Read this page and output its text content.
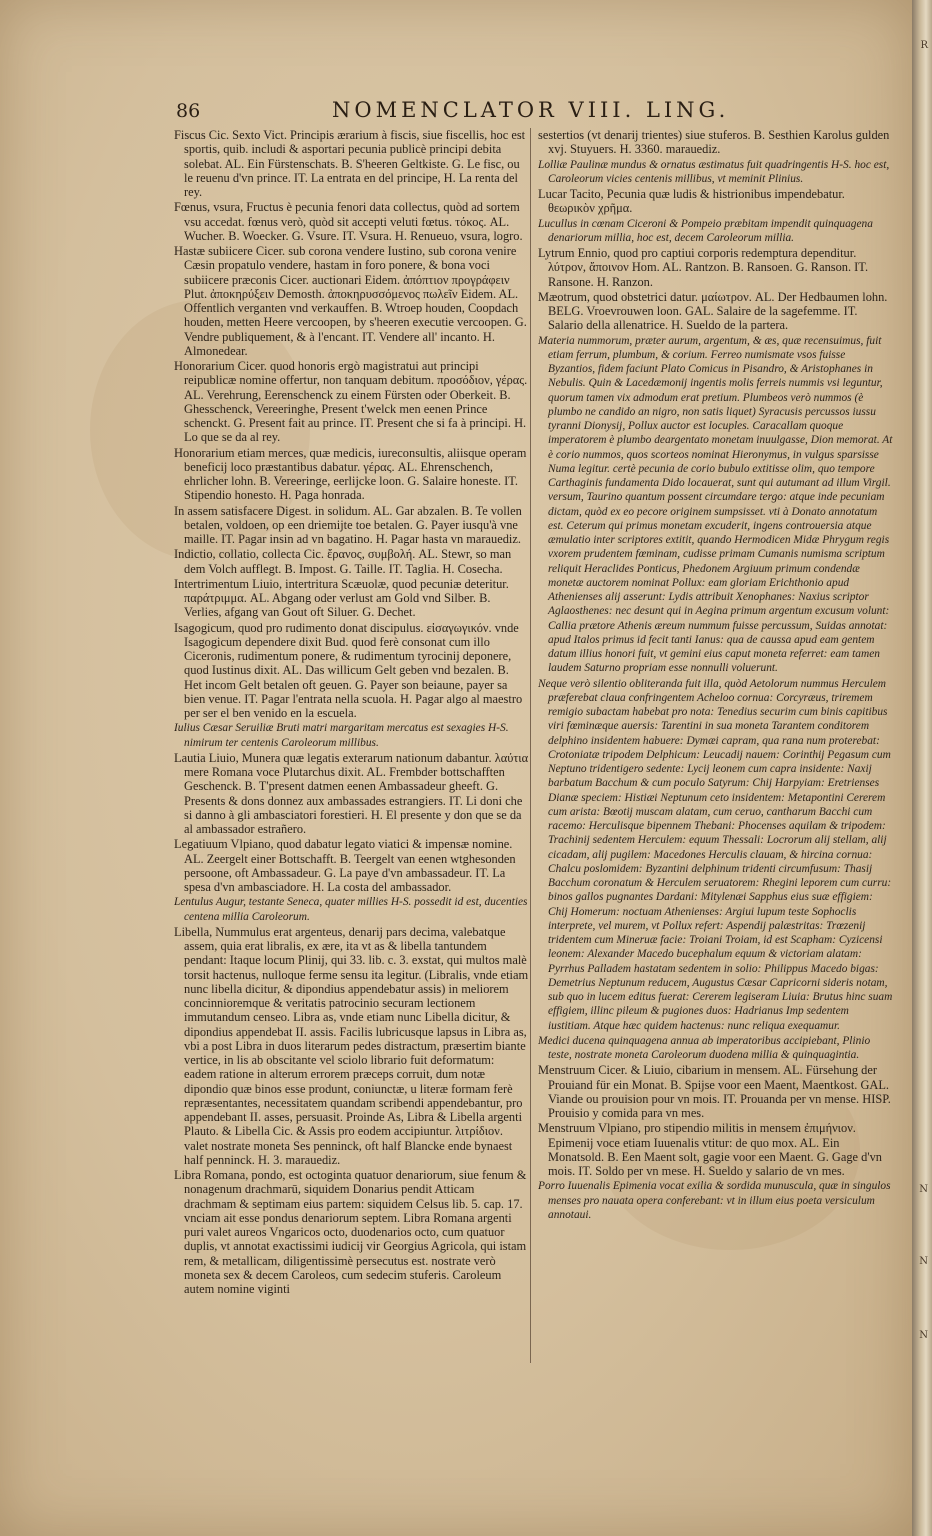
86	NOMENCLATOR VIII. LING.

Fiscus Cic. Sexto Vict. Principis ærarium à fiscis, siue fiscellis, hoc est sportis, quib. includi & asportari pecunia publicè principi debita solebat. AL. Ein Fürstenschats. B. S'heeren Geltkiste. G. Le fisc, ou le reuenu d'vn prince. IT. La entrata en del principe, H. La renta del rey.

Fœnus, vsura, Fructus è pecunia fenori data collectus, quòd ad sortem vsu accedat. fœnus verò, quòd sit accepti veluti fœtus. τόκος. AL. Wucher. B. Woecker. G. Vsure. IT. Vsura. H. Renueuo, vsura, logro.

Hastæ subiicere Cicer. sub corona vendere Iustino, sub corona venire Cæsin propatulo vendere, hastam in foro ponere, & bona voci subiicere præconis Cicer. auctionari Eidem. ἀπόπτιον προγράφειν Plut. ἀποκηρύξειν Demosth. ἀποκηρυσσόμενος πωλεῖν Eidem. AL. Offentlich verganten vnd verkauffen. B. Wtroep houden, Coopdach houden, metten Heere vercoopen, by s'heeren executie vercoopen. G. Vendre publiquement, & à l'encant. IT. Vendere all' incanto. H. Almonedear.

Honorarium Cicer. quod honoris ergò magistratui aut principi reipublicæ nomine offertur, non tanquam debitum. προσόδιον, γέρας. AL. Verehrung, Eerenschenck zu einem Fürsten oder Oberkeit. B. Ghesschenck, Vereeringhe, Present t'welck men eenen Prince schenckt. G. Present fait au prince. IT. Present che si fa à principi. H. Lo que se da al rey.

Honorarium etiam merces, quæ medicis, iureconsultis, aliisque operam beneficij loco præstantibus dabatur. γέρας. AL. Ehrenschench, ehrlicher lohn. B. Vereeringe, eerlijcke loon. G. Salaire honeste. IT. Stipendio honesto. H. Paga honrada.

In assem satisfacere Digest. in solidum. AL. Gar abzalen. B. Te vollen betalen, voldoen, op een driemijte toe betalen. G. Payer iusqu'à vne maille. IT. Pagar insin ad vn bagatino. H. Pagar hasta vn marauediz.

Indictio, collatio, collecta Cic. ἔρανος, συμβολή. AL. Stewr, so man dem Volch aufflegt. B. Impost. G. Taille. IT. Taglia. H. Cosecha.

Intertrimentum Liuio, intertritura Scæuolæ, quod pecuniæ deteritur. παράτριμμα. AL. Abgang oder verlust am Gold vnd Silber. B. Verlies, afgang van Gout oft Siluer. G. Dechet.

Isagogicum, quod pro rudimento donat discipulus. εἰσαγωγικόν. vnde Isagogicum dependere dixit Bud. quod ferè consonat cum illo Ciceronis, rudimentum ponere, & rudimentum tyrocinij deponere, quod Iustinus dixit. AL. Das willicum Gelt geben vnd bezalen. B. Het incom Gelt betalen oft geuen. G. Payer son beiaune, payer sa bien venue. IT. Pagar l'entrata nella scuola. H. Pagar algo al maestro per ser el ben venido en la escuela.

Iulius Cæsar Seruiliæ Bruti matri margaritam mercatus est sexagies H-S. nimirum ter centenis Caroleorum millibus.

Lautia Liuio, Munera quæ legatis exterarum nationum dabantur. λαύτια mere Romana voce Plutarchus dixit. AL. Frembder bottschafften Geschenck. B. T'present datmen eenen Ambassadeur gheeft. G. Presents & dons donnez aux ambassades estrangiers. IT. Li doni che si danno à gli ambasciatori forestieri. H. El presente y don que se da al ambassador estrañero.

Legatiuum Vlpiano, quod dabatur legato viatici & impensæ nomine. AL. Zeergelt einer Bottschafft. B. Teergelt van eenen wtghesonden persoone, oft Ambassadeur. G. La paye d'vn ambassadeur. IT. La spesa d'vn ambasciadore. H. La costa del ambassador.

Lentulus Augur, testante Seneca, quater millies H-S. possedit id est, ducenties centena millia Caroleorum.

Libella, Nummulus erat argenteus, denarij pars decima, valebatque assem, quia erat libralis, ex ære, ita vt as & libella tantundem pendant: Itaque locum Plinij, qui 33. lib. c. 3. exstat, qui multos malè torsit hactenus, nulloque ferme sensu ita legitur. (Libralis, vnde etiam nunc libella dicitur, & dipondius appendebatur assis) in meliorem concinnioremque & veritatis patrocinio securam lectionem immutandum censeo. Libra as, vnde etiam nunc Libella dicitur, & dipondius appendebat II. assis. Facilis lubricusque lapsus in Libra as, vbi a post Libra in duos literarum pedes distractum, præsertim biante vertice, in lis ab obscitante vel sciolo librario fuit deformatum: eadem ratione in alterum errorem præceps corruit, dum notæ dipondio quæ binos esse produnt, coniunctæ, u literæ formam ferè repræsentantes, necessitatem quandam scribendi appendebantur, pro appendebant II. asses, persuasit. Proinde As, Libra & Libella argenti Plauto. & Libella Cic. & Assis pro eodem accipiuntur. λιτρίδιον. valet nostrate moneta Ses penninck, oft half Blancke ende bynaest half penninck. H. 3. marauediz.

Libra Romana, pondo, est octoginta quatuor denariorum, siue fenum & nonagenum drachmarū, siquidem Donarius pendit Atticam drachmam & septimam eius partem: siquidem Celsus lib. 5. cap. 17. vnciam ait esse pondus denariorum septem. Libra Romana argenti puri valet aureos Vngaricos octo, duodenarios octo, cum quatuor duplis, vt annotat exactissimi iudicij vir Georgius Agricola, qui istam rem, & metallicam, diligentissimè persecutus est. nostrate verò moneta sex & decem Caroleos, cum sedecim stuferis. Caroleum autem nomine viginti

sestertios (vt denarij trientes) siue stuferos. B. Sesthien Karolus gulden xvj. Stuyuers. H. 3360. marauediz.

Lolliæ Paulinæ mundus & ornatus æstimatus fuit quadringentis H-S. hoc est, Caroleorum vicies centenis millibus, vt meminit Plinius.

Lucar Tacito, Pecunia quæ ludis & histrionibus impendebatur. θεωρικὸν χρῆμα.

Lucullus in cœnam Ciceroni & Pompeio præbitam impendit quinquagena denariorum millia, hoc est, decem Caroleorum millia.

Lytrum Ennio, quod pro captiui corporis redemptura dependitur. λύτρον, ἄποινον Hom. AL. Rantzon. B. Ransoen. G. Ranson. IT. Ransone. H. Ranzon.

Mæotrum, quod obstetrici datur. μαίωτρον. AL. Der Hedbaumen lohn. BELG. Vroevrouwen loon. GAL. Salaire de la sagefemme. IT. Salario della allenatrice. H. Sueldo de la partera.

Materia nummorum, præter aurum, argentum, & æs, quæ recensuimus, fuit etiam ferrum, plumbum, & corium. Ferreo numismate vsos fuisse Byzantios, fidem faciunt Plato Comicus in Pisandro, & Aristophanes in Nebulis. Quin & Lacedæmonij ingentis molis ferreis nummis vsi leguntur, quorum tamen vix admodum erat pretium. Plumbeos verò nummos (è plumbo ne candido an nigro, non satis liquet) Syracusis percussos iussu tyranni Dionysij, Pollux auctor est locuples. Caracallam quoque imperatorem è plumbo deargentato monetam inuulgasse, Dion memorat. At è corio nummos, quos scorteos nominat Hieronymus, in vulgus sparsisse Numa legitur. certè pecunia de corio bubulo extitisse olim, quo tempore Carthaginis fundamenta Dido locauerat, sunt qui autumant ad illum Virgil. versum, Taurino quantum possent circumdare tergo: atque inde pecuniam dictam, quòd ex eo pecore originem sumpsisset. vti à Donato annotatum est. Ceterum qui primus monetam excuderit, ingens controuersia atque æmulatio inter scriptores extitit, quando Hermodicen Midæ Phrygum regis vxorem prudentem fœminam, cudisse primam Cumanis numisma scriptum reliquit Heraclides Ponticus, Phedonem Argiuum primum condendæ monetæ auctorem nominat Pollux: eam gloriam Erichthonio apud Athenienses alij asserunt: Lydis attribuit Xenophanes: Naxius scriptor Aglaosthenes: nec desunt qui in Aegina primum argentum excusum volunt: Callia prætore Athenis æreum nummum fuisse percussum, Suidas annotat: apud Italos primus id fecit tanti Ianus: qua de caussa apud eam gentem datum illius honori fuit, vt gemini eius caput moneta referret: eam tamen laudem Saturno propriam esse nonnulli voluerunt.

Neque verò silentio obliteranda fuit illa, quòd Aetolorum nummus Herculem præferebat claua confringentem Acheloo cornua: Corcyræus, triremem remigio subactam habebat pro nota: Tenedius securim cum binis capitibus viri fœminæque auersis: Tarentini in sua moneta Tarantem conditorem delphino insidentem habuere: Dymæi capram, qua rana num proterebat: Crotoniatæ tripodem Delphicum: Leucadij nauem: Corinthij Pegasum cum Neptuno tridentigero sedente: Lycij leonem cum capra insidente: Naxij barbatum Bacchum & cum poculo Satyrum: Chij Harpyiam: Eretrienses Dianæ speciem: Histiæi Neptunum ceto insidentem: Metapontini Cererem cum arista: Bœotij muscam alatam, cum ceruo, cantharum Bacchi cum racemo: Herculisque bipennem Thebani: Phocenses aquilam & tripodem: Trachinij sedentem Herculem: equum Thessali: Locrorum alij stellam, alij cicadam, alij pugilem: Macedones Herculis clauam, & hircina cornua: Chalcu poslomidem: Byzantini delphinum tridenti circumfusum: Thasij Bacchum coronatum & Herculem seruatorem: Rhegini leporem cum curru: binos gallos pugnantes Dardani: Mitylenæi Sapphus eius suæ effigiem: Chij Homerum: noctuam Athenienses: Argiui lupum teste Sophoclis interprete, vel murem, vt Pollux refert: Aspendij palæstritas: Trœzenij tridentem cum Mineruæ facie: Troiani Troiam, id est Scapham: Cyzicensi leonem: Alexander Macedo bucephalum equum & victoriam alatam: Pyrrhus Palladem hastatam sedentem in solio: Philippus Macedo bigas: Demetrius Neptunum reducem, Augustus Cæsar Capricorni sideris notam, sub quo in lucem editus fuerat: Cererem legiseram Liuia: Brutus hinc suam effigiem, illinc pileum & pugiones duos: Hadrianus Imp sedentem iustitiam. Atque hæc quidem hactenus: nunc reliqua exequamur.

Medici ducena quinquagena annua ab imperatoribus accipiebant, Plinio teste, nostrate moneta Caroleorum duodena millia & quinquagintia.

Menstruum Cicer. & Liuio, cibarium in mensem. AL. Fürsehung der Prouiand für ein Monat. B. Spijse voor een Maent, Maentkost. GAL. Viande ou prouision pour vn mois. IT. Prouanda per vn mense. HISP. Prouisio y comida para vn mes.

Menstruum Vlpiano, pro stipendio militis in mensem ἐπιμήνιον. Epimenij voce etiam Iuuenalis vtitur: de quo mox. AL. Ein Monatsold. B. Een Maent solt, gagie voor een Maent. G. Gage d'vn mois. IT. Soldo per vn mese. H. Sueldo y salario de vn mes.

Porro Iuuenalis Epimenia vocat exilia & sordida munuscula, quæ in singulos menses pro nauata opera conferebant: vt in illum eius poeta versiculum annotaui.

R
N
N
N
